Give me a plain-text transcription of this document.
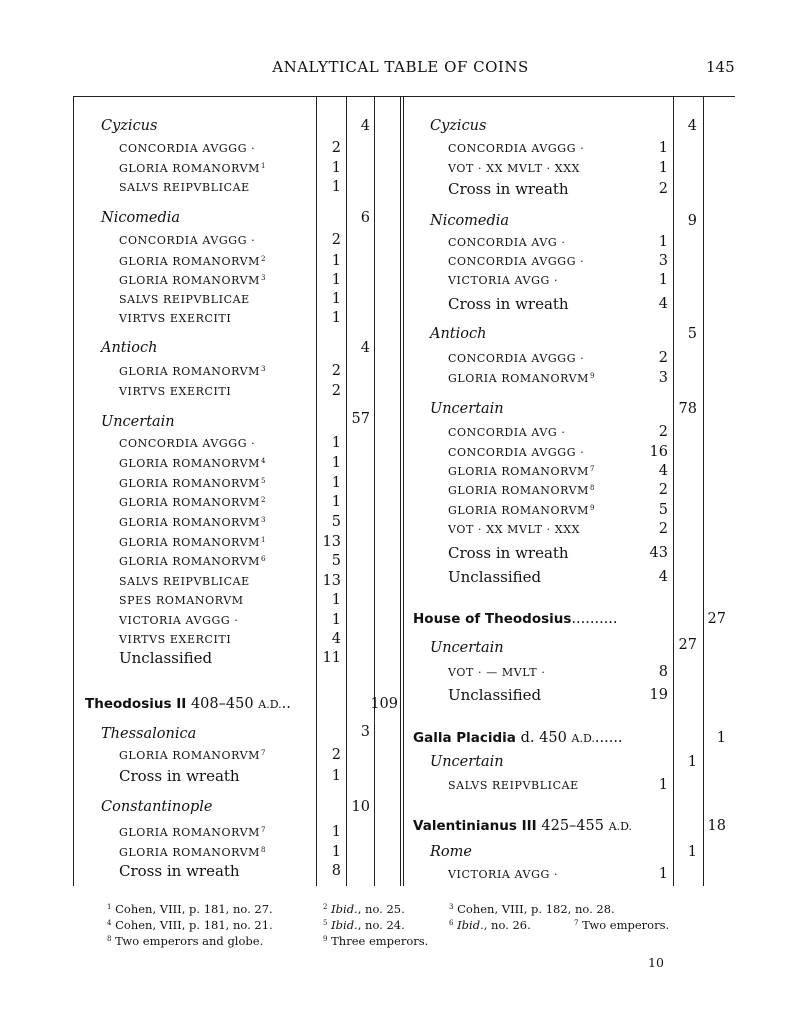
ANALYTICAL TABLE OF COINS	145
Cyzicus	4
CONCORDIA AVGGG ·	2
GLORIA ROMANORVM$^1$	1
SALVS REIPVBLICAE	1
Nicomedia	6
CONCORDIA AVGGG ·	2
GLORIA ROMANORVM$^2$	1
GLORIA ROMANORVM$^3$	1
SALVS REIPVBLICAE	1
VIRTVS EXERCITI	1
Antioch	4
GLORIA ROMANORVM$^3$	2
VIRTVS EXERCITI	2
Uncertain	57
CONCORDIA AVGGG ·	1
GLORIA ROMANORVM$^4$	1
GLORIA ROMANORVM$^5$	1
GLORIA ROMANORVM$^2$	1
GLORIA ROMANORVM$^3$	5
GLORIA ROMANORVM$^1$	13
GLORIA ROMANORVM$^6$	5
SALVS REIPVBLICAE	13
SPES ROMANORVM	1
VICTORIA AVGGG ·	1
VIRTVS EXERCITI	4
Unclassified	11
Theodosius II 408–450 A.D...	109
Thessalonica	3
GLORIA ROMANORVM$^7$	2
Cross in wreath	1
Constantinople	10
GLORIA ROMANORVM$^7$	1
GLORIA ROMANORVM$^8$	1
Cross in wreath	8
Cyzicus	4
CONCORDIA AVGGG ·	1
VOT · XX MVLT · XXX	1
Cross in wreath	2
Nicomedia	9
CONCORDIA AVG ·	1
CONCORDIA AVGGG ·	3
VICTORIA AVGG ·	1
Cross in wreath	4
Antioch	5
CONCORDIA AVGGG ·	2
GLORIA ROMANORVM$^9$	3
Uncertain	78
CONCORDIA AVG ·	2
CONCORDIA AVGGG ·	16
GLORIA ROMANORVM$^7$	4
GLORIA ROMANORVM$^8$	2
GLORIA ROMANORVM$^9$	5
VOT · XX MVLT · XXX	2
Cross in wreath	43
Unclassified	4
House of Theodosius..........	27
Uncertain	27
VOT · — MVLT ·	8
Unclassified	19
Galla Placidia d. 450 A.D.......	1
Uncertain	1
SALVS REIPVBLICAE	1
Valentinianus III 425–455 A.D.	18
Rome	1
VICTORIA AVGG ·	1
$^1$ Cohen, VIII, p. 181, no. 27.	$^2$ Ibid., no. 25.	$^3$ Cohen, VIII, p. 182, no. 28.
$^4$ Cohen, VIII, p. 181, no. 21.	$^5$ Ibid., no. 24.	$^6$ Ibid., no. 26.	$^7$ Two emperors.
$^8$ Two emperors and globe.	$^9$ Three emperors.
10
